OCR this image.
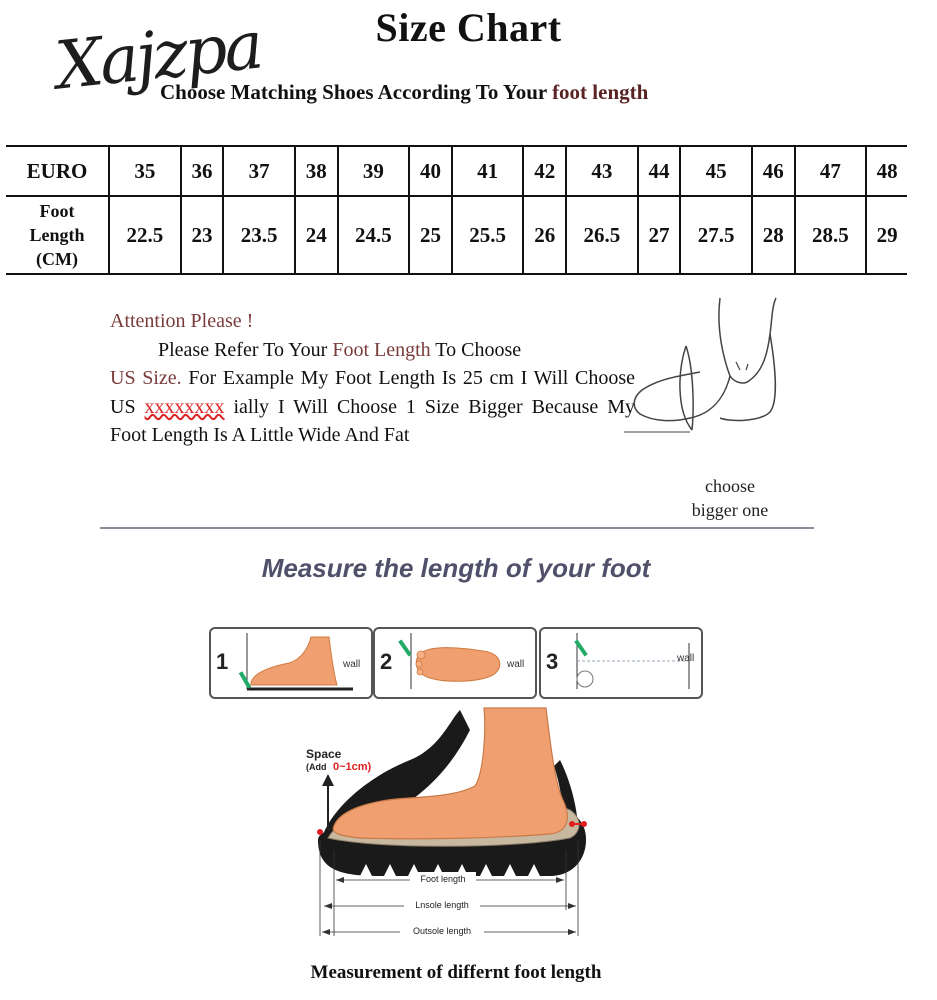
Size Chart
Choose Matching Shoes According To Your foot length
Xajzpa
EURO	35	36	37	38	39	40	41	42	43	44	45	46	47	48
Foot
Length
(CM)	22.5	23	23.5	24	24.5	25	25.5	26	26.5	27	27.5	28	28.5	29

Attention Please !

Please Refer To Your Foot Length To Choose

US Size. For Example My Foot Length Is 25 cm I Will Choose US xxxxxxxx ially I Will Choose 1 Size Bigger Because My Foot Length Is A Little Wide And Fat

choose
bigger one
Measure the length of your foot
1	wall 2	wall 3	wall
Foot length
Lnsole length
Outsole length
Space
(Add 0~1cm)
Measurement of differnt foot length
